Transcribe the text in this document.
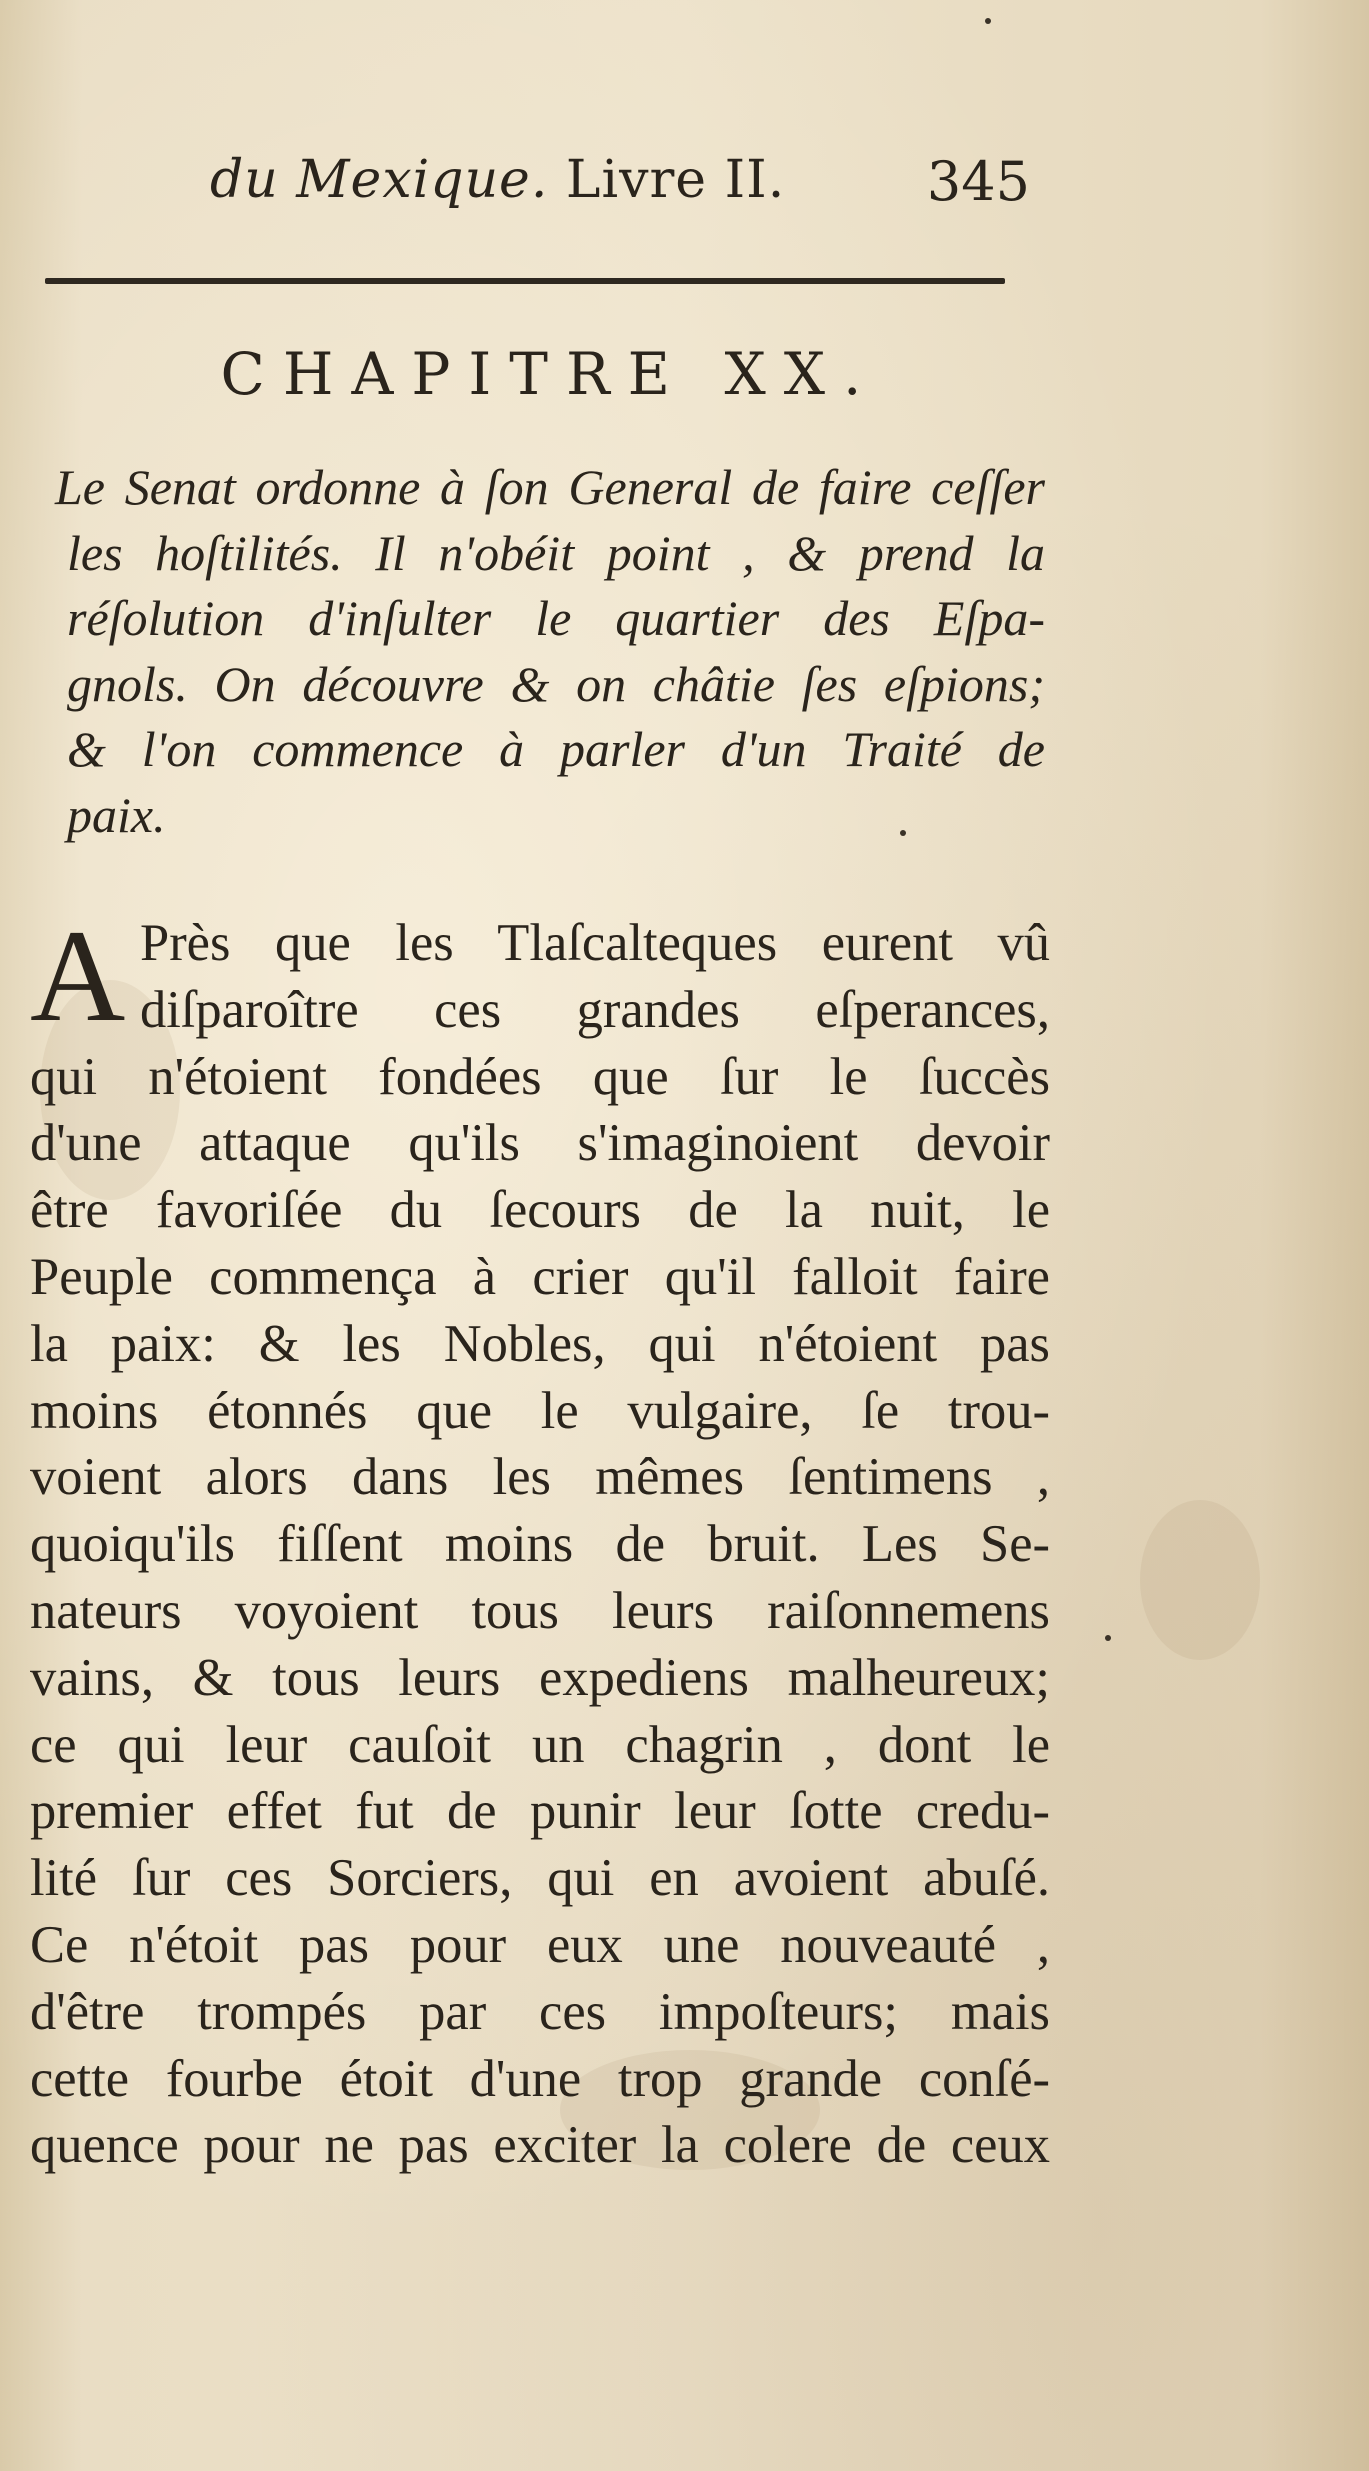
du Mexique. Livre II.	345
CHAPITRE XX.
Le Senat ordonne à ſon General de faire ceſſer
les hoſtilités. Il n'obéit point , & prend la
réſolution d'inſulter le quartier des Eſpa-
gnols. On découvre & on châtie ſes eſpions;
& l'on commence à parler d'un Traité de
paix.
A Près que les Tlaſcalteques eurent vû
diſparoître ces grandes eſperances,
qui n'étoient fondées que ſur le ſuccès
d'une attaque qu'ils s'imaginoient devoir
être favoriſée du ſecours de la nuit, le
Peuple commença à crier qu'il falloit faire
la paix: & les Nobles, qui n'étoient pas
moins étonnés que le vulgaire, ſe trou-
voient alors dans les mêmes ſentimens ,
quoiqu'ils fiſſent moins de bruit. Les Se-
nateurs voyoient tous leurs raiſonnemens
vains, & tous leurs expediens malheureux;
ce qui leur cauſoit un chagrin , dont le
premier effet fut de punir leur ſotte credu-
lité ſur ces Sorciers, qui en avoient abuſé.
Ce n'étoit pas pour eux une nouveauté ,
d'être trompés par ces impoſteurs; mais
cette fourbe étoit d'une trop grande conſé-
quence pour ne pas exciter la colere de ceux
